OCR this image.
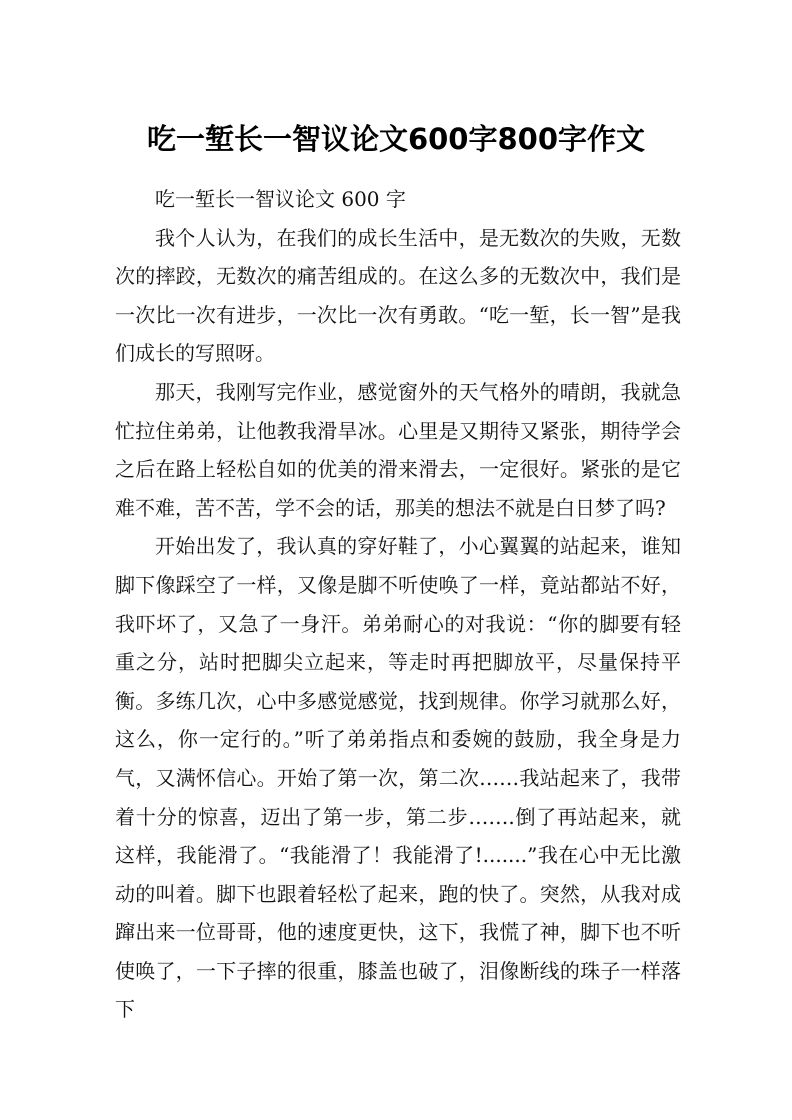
吃一堑长一智议论文600字800字作文

吃一堑长一智议论文 600 字

我个人认为，在我们的成长生活中，是无数次的失败，无数次的摔跤，无数次的痛苦组成的。在这么多的无数次中，我们是一次比一次有进步，一次比一次有勇敢。“吃一堑，长一智”是我们成长的写照呀。

那天，我刚写完作业，感觉窗外的天气格外的晴朗，我就急忙拉住弟弟，让他教我滑旱冰。心里是又期待又紧张，期待学会之后在路上轻松自如的优美的滑来滑去，一定很好。紧张的是它难不难，苦不苦，学不会的话，那美的想法不就是白日梦了吗?

开始出发了，我认真的穿好鞋了，小心翼翼的站起来，谁知脚下像踩空了一样，又像是脚不听使唤了一样，竟站都站不好，我吓坏了，又急了一身汗。弟弟耐心的对我说：“你的脚要有轻重之分，站时把脚尖立起来，等走时再把脚放平，尽量保持平衡。多练几次，心中多感觉感觉，找到规律。你学习就那么好，这么，你一定行的。”听了弟弟指点和委婉的鼓励，我全身是力气，又满怀信心。开始了第一次，第二次……我站起来了，我带着十分的惊喜，迈出了第一步，第二步…….倒了再站起来，就这样，我能滑了。“我能滑了！我能滑了!.......”我在心中无比激动的叫着。脚下也跟着轻松了起来，跑的快了。突然，从我对成蹿出来一位哥哥，他的速度更快，这下，我慌了神，脚下也不听使唤了，一下子摔的很重，膝盖也破了，泪像断线的珠子一样落下
